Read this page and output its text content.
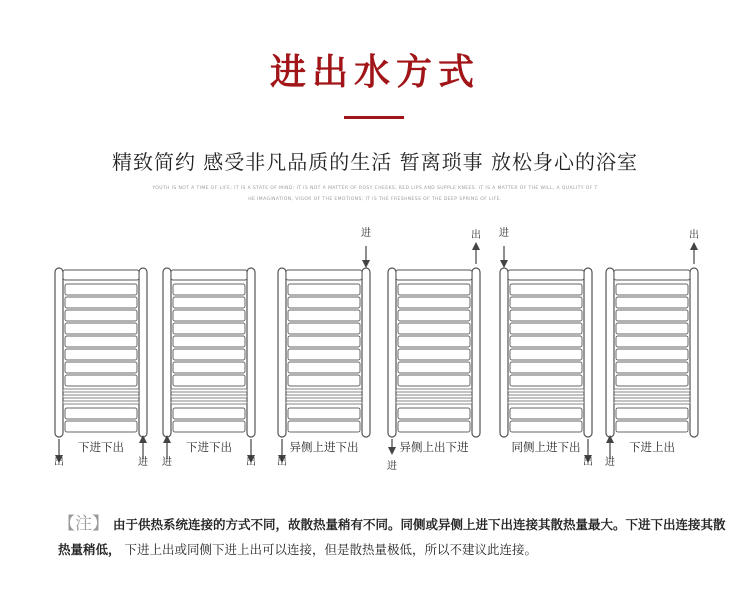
进出水方式
精致简约 感受非凡品质的生活 暂离琐事 放松身心的浴室
YOUTH IS NOT A TIME OF LIFE; IT IS A STATE OF MIND; IT IS NOT A MATTER OF ROSY CHEEKS, RED LIPS AND SUPPLE KNEES. IT IS A MATTER OF THE WILL, A QUALITY OF T
HE IMAGINATION, VIGOR OF THE EMOTIONS; IT IS THE FRESHNESS OF THE DEEP SPRING OF LIFE.
下进下出
出	进
下进下出
进	出
异侧上进下出
出
进
异侧上出下进
进
出
同侧上进下出
进
出
下进上出
进
出
【注】 由于供热系统连接的方式不同，故散热量稍有不同。同侧或异侧上进下出连接其散热量最大。下进下出连接其散热量稍低， 下进上出或同侧下进上出可以连接，但是散热量极低，所以不建议此连接。
